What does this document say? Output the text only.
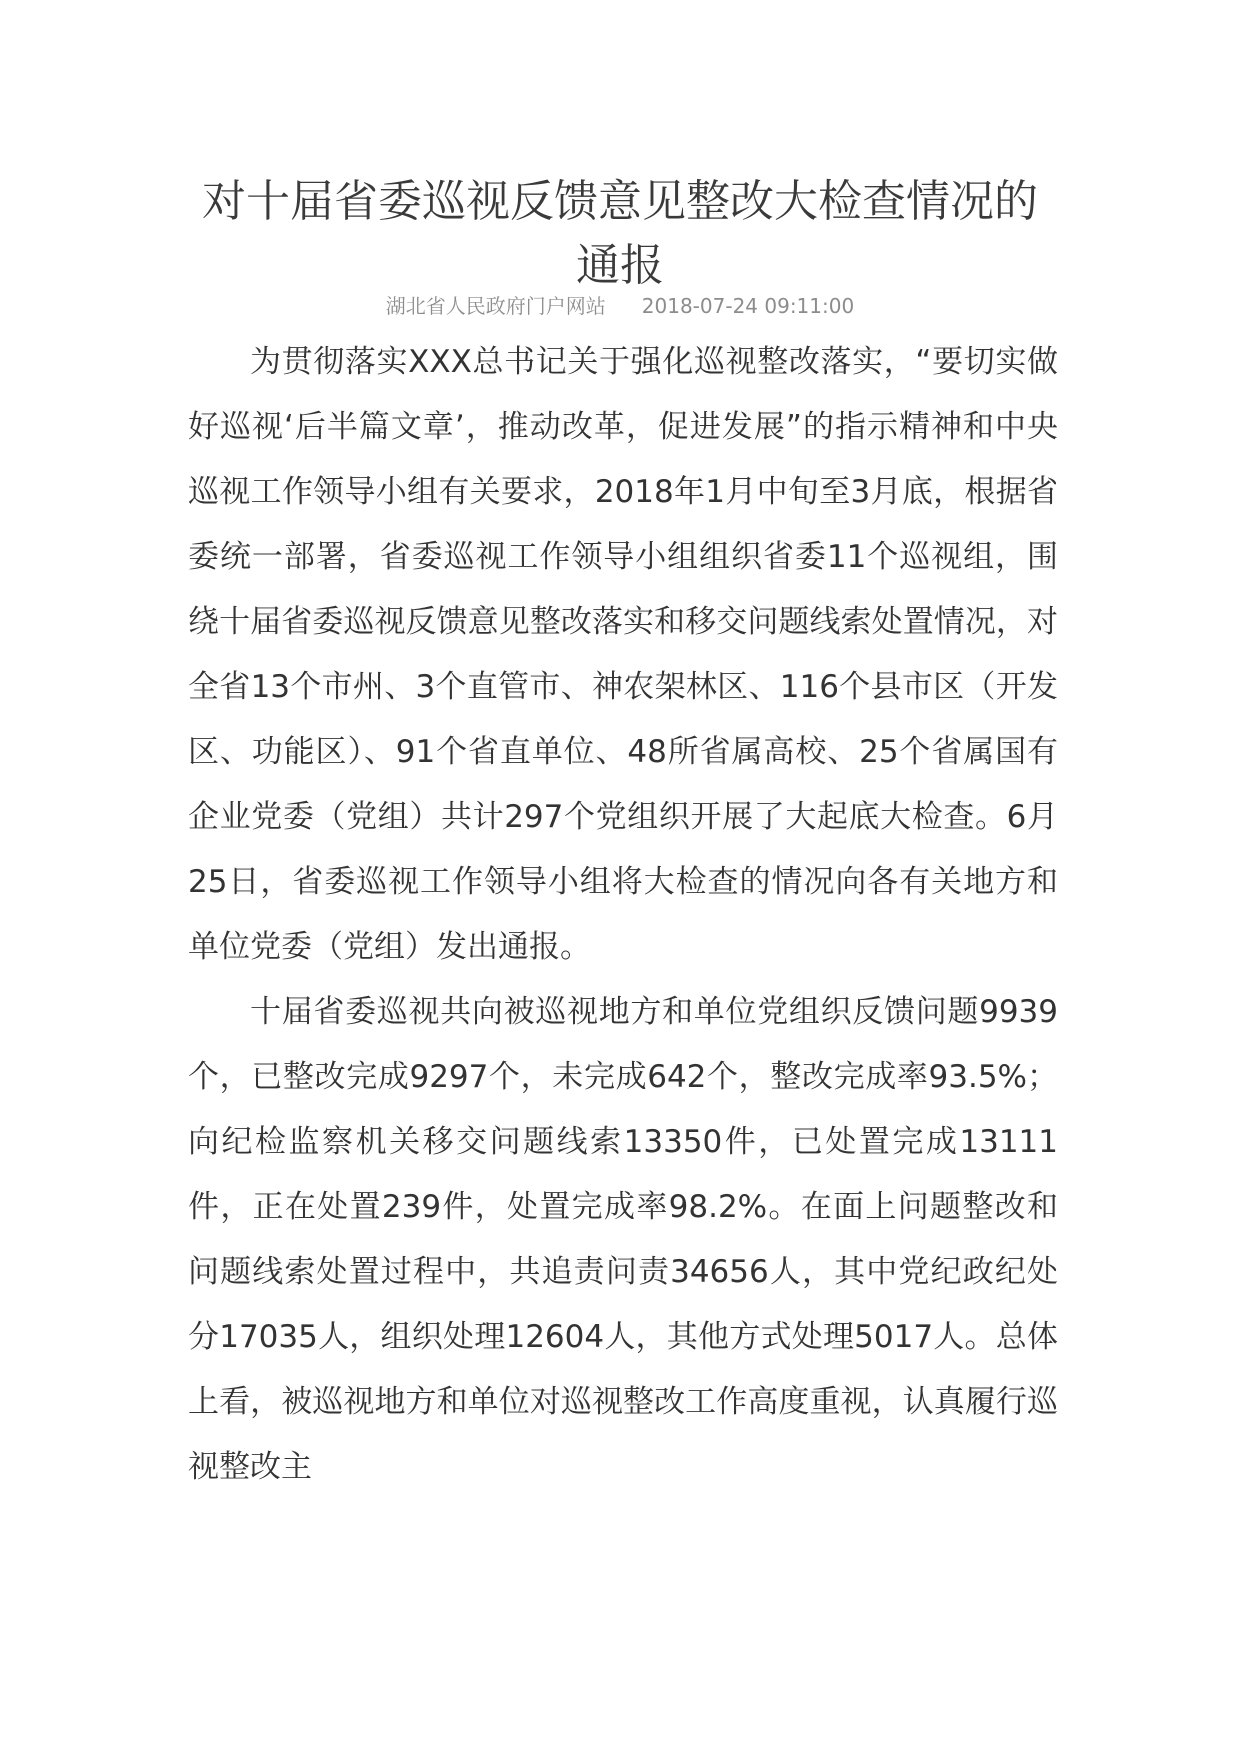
对十届省委巡视反馈意见整改大检查情况的通报
湖北省人民政府门户网站 2018-07-24 09:11:00

为贯彻落实XXX总书记关于强化巡视整改落实，“要切实做好巡视‘后半篇文章’，推动改革，促进发展”的指示精神和中央巡视工作领导小组有关要求，2018年1月中旬至3月底，根据省委统一部署，省委巡视工作领导小组组织省委11个巡视组，围绕十届省委巡视反馈意见整改落实和移交问题线索处置情况，对全省13个市州、3个直管市、神农架林区、116个县市区（开发区、功能区）、91个省直单位、48所省属高校、25个省属国有企业党委（党组）共计297个党组织开展了大起底大检查。6月25日，省委巡视工作领导小组将大检查的情况向各有关地方和单位党委（党组）发出通报。

十届省委巡视共向被巡视地方和单位党组织反馈问题9939个，已整改完成9297个，未完成642个，整改完成率93.5%；向纪检监察机关移交问题线索13350件，已处置完成13111件，正在处置239件，处置完成率98.2%。在面上问题整改和问题线索处置过程中，共追责问责34656人，其中党纪政纪处分17035人，组织处理12604人，其他方式处理5017人。总体上看，被巡视地方和单位对巡视整改工作高度重视，认真履行巡视整改主
